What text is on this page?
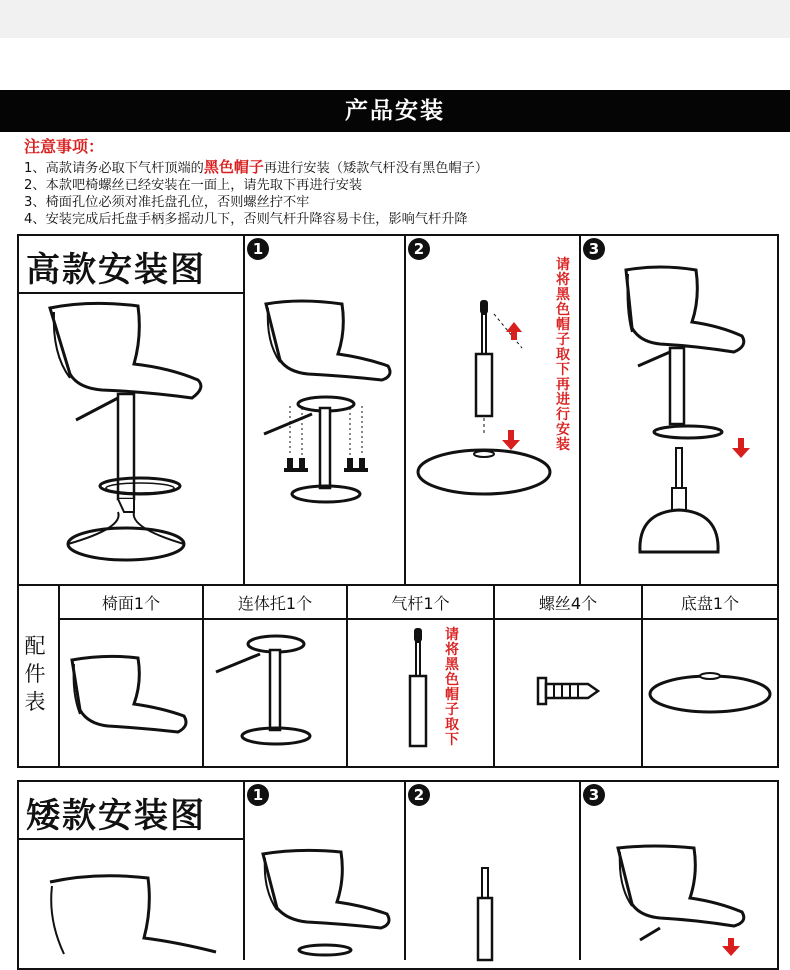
产品安装
注意事项：
1、高款请务必取下气杆顶端的黑色帽子再进行安装（矮款气杆没有黑色帽子）
2、本款吧椅螺丝已经安装在一面上，请先取下再进行安装
3、椅面孔位必须对准托盘孔位，否则螺丝拧不牢
4、安装完成后托盘手柄多摇动几下，否则气杆升降容易卡住，影响气杆升降
高款安装图
1	2	3
请将黑色帽子取下再进行安装
配件表
椅面1个	连体托1个	气杆1个	螺丝4个	底盘1个
请将黑色帽子取下
矮款安装图
1	2	3
